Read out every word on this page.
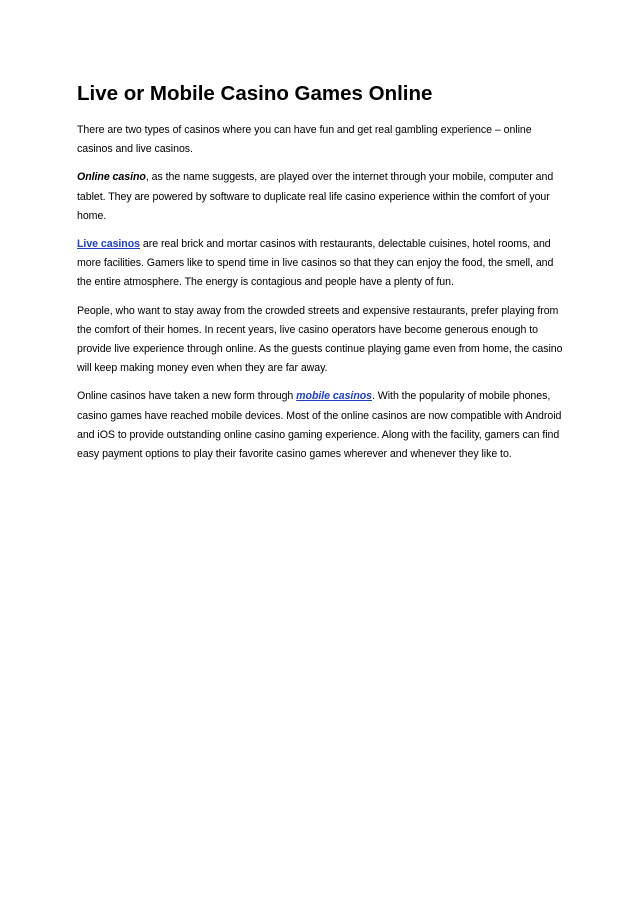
Live or Mobile Casino Games Online

There are two types of casinos where you can have fun and get real gambling experience – online casinos and live casinos.

Online casino, as the name suggests, are played over the internet through your mobile, computer and tablet. They are powered by software to duplicate real life casino experience within the comfort of your home.

Live casinos are real brick and mortar casinos with restaurants, delectable cuisines, hotel rooms, and more facilities. Gamers like to spend time in live casinos so that they can enjoy the food, the smell, and the entire atmosphere. The energy is contagious and people have a plenty of fun.

People, who want to stay away from the crowded streets and expensive restaurants, prefer playing from the comfort of their homes. In recent years, live casino operators have become generous enough to provide live experience through online. As the guests continue playing game even from home, the casino will keep making money even when they are far away.

Online casinos have taken a new form through mobile casinos. With the popularity of mobile phones, casino games have reached mobile devices. Most of the online casinos are now compatible with Android and iOS to provide outstanding online casino gaming experience. Along with the facility, gamers can find easy payment options to play their favorite casino games wherever and whenever they like to.
